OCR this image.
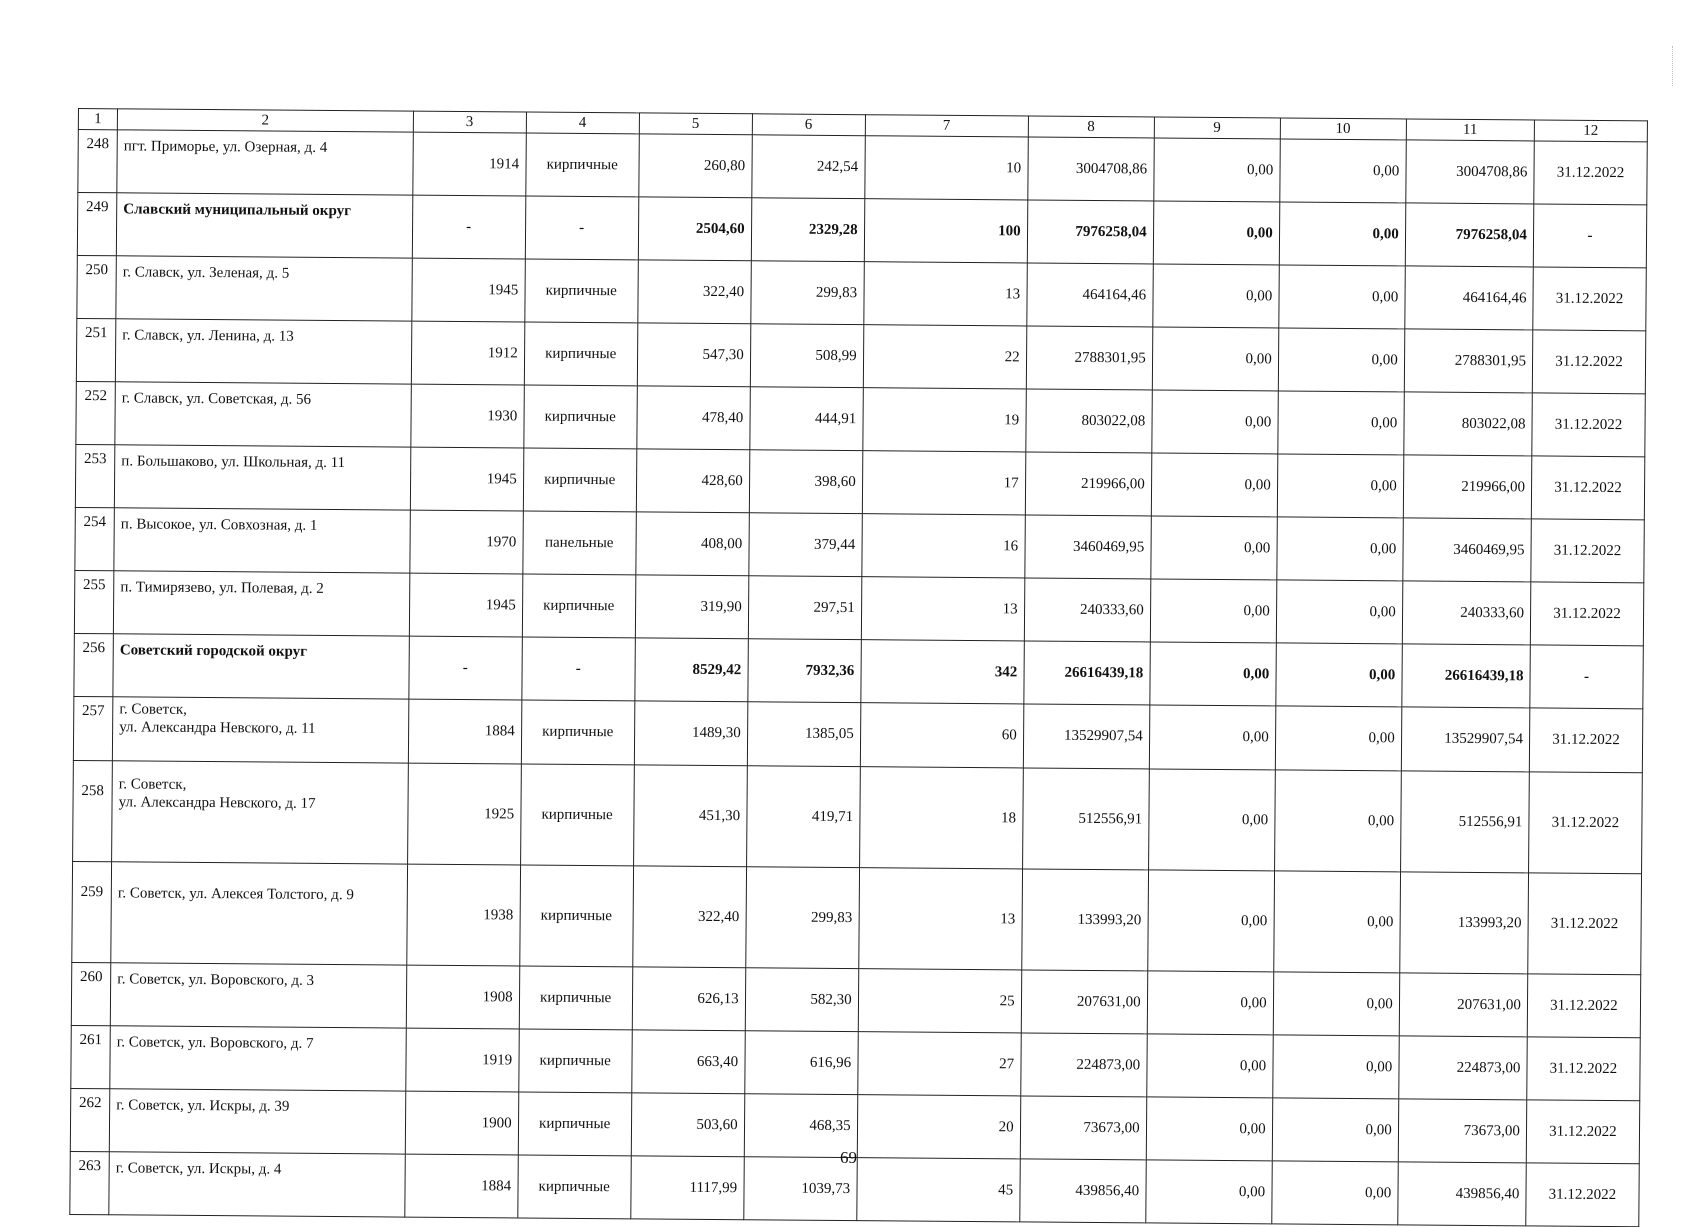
1	2	3	4	5	6	7	8	9	10	11	12
248	пгт. Приморье, ул. Озерная, д. 4	1914	кирпичные	260,80	242,54	10	3004708,86	0,00	0,00	3004708,86	31.12.2022
249	Славский муниципальный округ	-	-	2504,60	2329,28	100	7976258,04	0,00	0,00	7976258,04	-
250	г. Славск, ул. Зеленая, д. 5	1945	кирпичные	322,40	299,83	13	464164,46	0,00	0,00	464164,46	31.12.2022
251	г. Славск, ул. Ленина, д. 13	1912	кирпичные	547,30	508,99	22	2788301,95	0,00	0,00	2788301,95	31.12.2022
252	г. Славск, ул. Советская, д. 56	1930	кирпичные	478,40	444,91	19	803022,08	0,00	0,00	803022,08	31.12.2022
253	п. Большаково, ул. Школьная, д. 11	1945	кирпичные	428,60	398,60	17	219966,00	0,00	0,00	219966,00	31.12.2022
254	п. Высокое, ул. Совхозная, д. 1	1970	панельные	408,00	379,44	16	3460469,95	0,00	0,00	3460469,95	31.12.2022
255	п. Тимирязево, ул. Полевая, д. 2	1945	кирпичные	319,90	297,51	13	240333,60	0,00	0,00	240333,60	31.12.2022
256	Советский городской округ	-	-	8529,42	7932,36	342	26616439,18	0,00	0,00	26616439,18	-
257	г. Советск,
ул. Александра Невского, д. 11	1884	кирпичные	1489,30	1385,05	60	13529907,54	0,00	0,00	13529907,54	31.12.2022
258	г. Советск,
ул. Александра Невского, д. 17	1925	кирпичные	451,30	419,71	18	512556,91	0,00	0,00	512556,91	31.12.2022
259	г. Советск, ул. Алексея Толстого, д. 9	1938	кирпичные	322,40	299,83	13	133993,20	0,00	0,00	133993,20	31.12.2022
260	г. Советск, ул. Воровского, д. 3	1908	кирпичные	626,13	582,30	25	207631,00	0,00	0,00	207631,00	31.12.2022
261	г. Советск, ул. Воровского, д. 7	1919	кирпичные	663,40	616,96	27	224873,00	0,00	0,00	224873,00	31.12.2022
262	г. Советск, ул. Искры, д. 39	1900	кирпичные	503,60	468,35	20	73673,00	0,00	0,00	73673,00	31.12.2022
263	г. Советск, ул. Искры, д. 4	1884	кирпичные	1117,99	1039,73	45	439856,40	0,00	0,00	439856,40	31.12.2022
69
